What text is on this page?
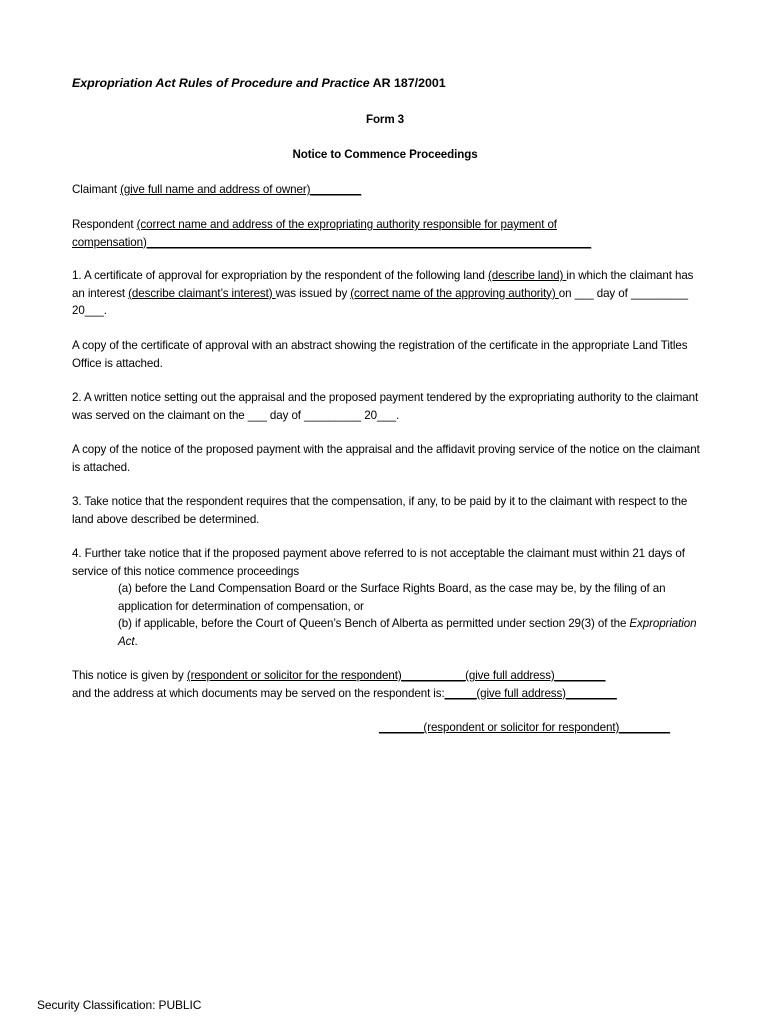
Expropriation Act Rules of Procedure and Practice AR 187/2001
Form 3
Notice to Commence Proceedings
Claimant (give full name and address of owner)________
Respondent (correct name and address of the expropriating authority responsible for payment of
compensation)______________________________________________________________________
1. A certificate of approval for expropriation by the respondent of the following land (describe land) in which the claimant has an interest (describe claimant’s interest) was issued by (correct name of the approving authority) on ___ day of _________ 20___.
A copy of the certificate of approval with an abstract showing the registration of the certificate in the appropriate Land Titles Office is attached.
2. A written notice setting out the appraisal and the proposed payment tendered by the expropriating authority to the claimant was served on the claimant on the ___ day of _________ 20___.
A copy of the notice of the proposed payment with the appraisal and the affidavit proving service of the notice on the claimant is attached.
3. Take notice that the respondent requires that the compensation, if any, to be paid by it to the claimant with respect to the land above described be determined.
4. Further take notice that if the proposed payment above referred to is not acceptable the claimant must within 21 days of service of this notice commence proceedings
(a) before the Land Compensation Board or the Surface Rights Board, as the case may be, by the filing of an application for determination of compensation, or
(b) if applicable, before the Court of Queen’s Bench of Alberta as permitted under section 29(3) of the Expropriation Act.
This notice is given by (respondent or solicitor for the respondent)__________(give full address)________
and the address at which documents may be served on the respondent is:_____(give full address)________
_______(respondent or solicitor for respondent)________
Security Classification: PUBLIC
